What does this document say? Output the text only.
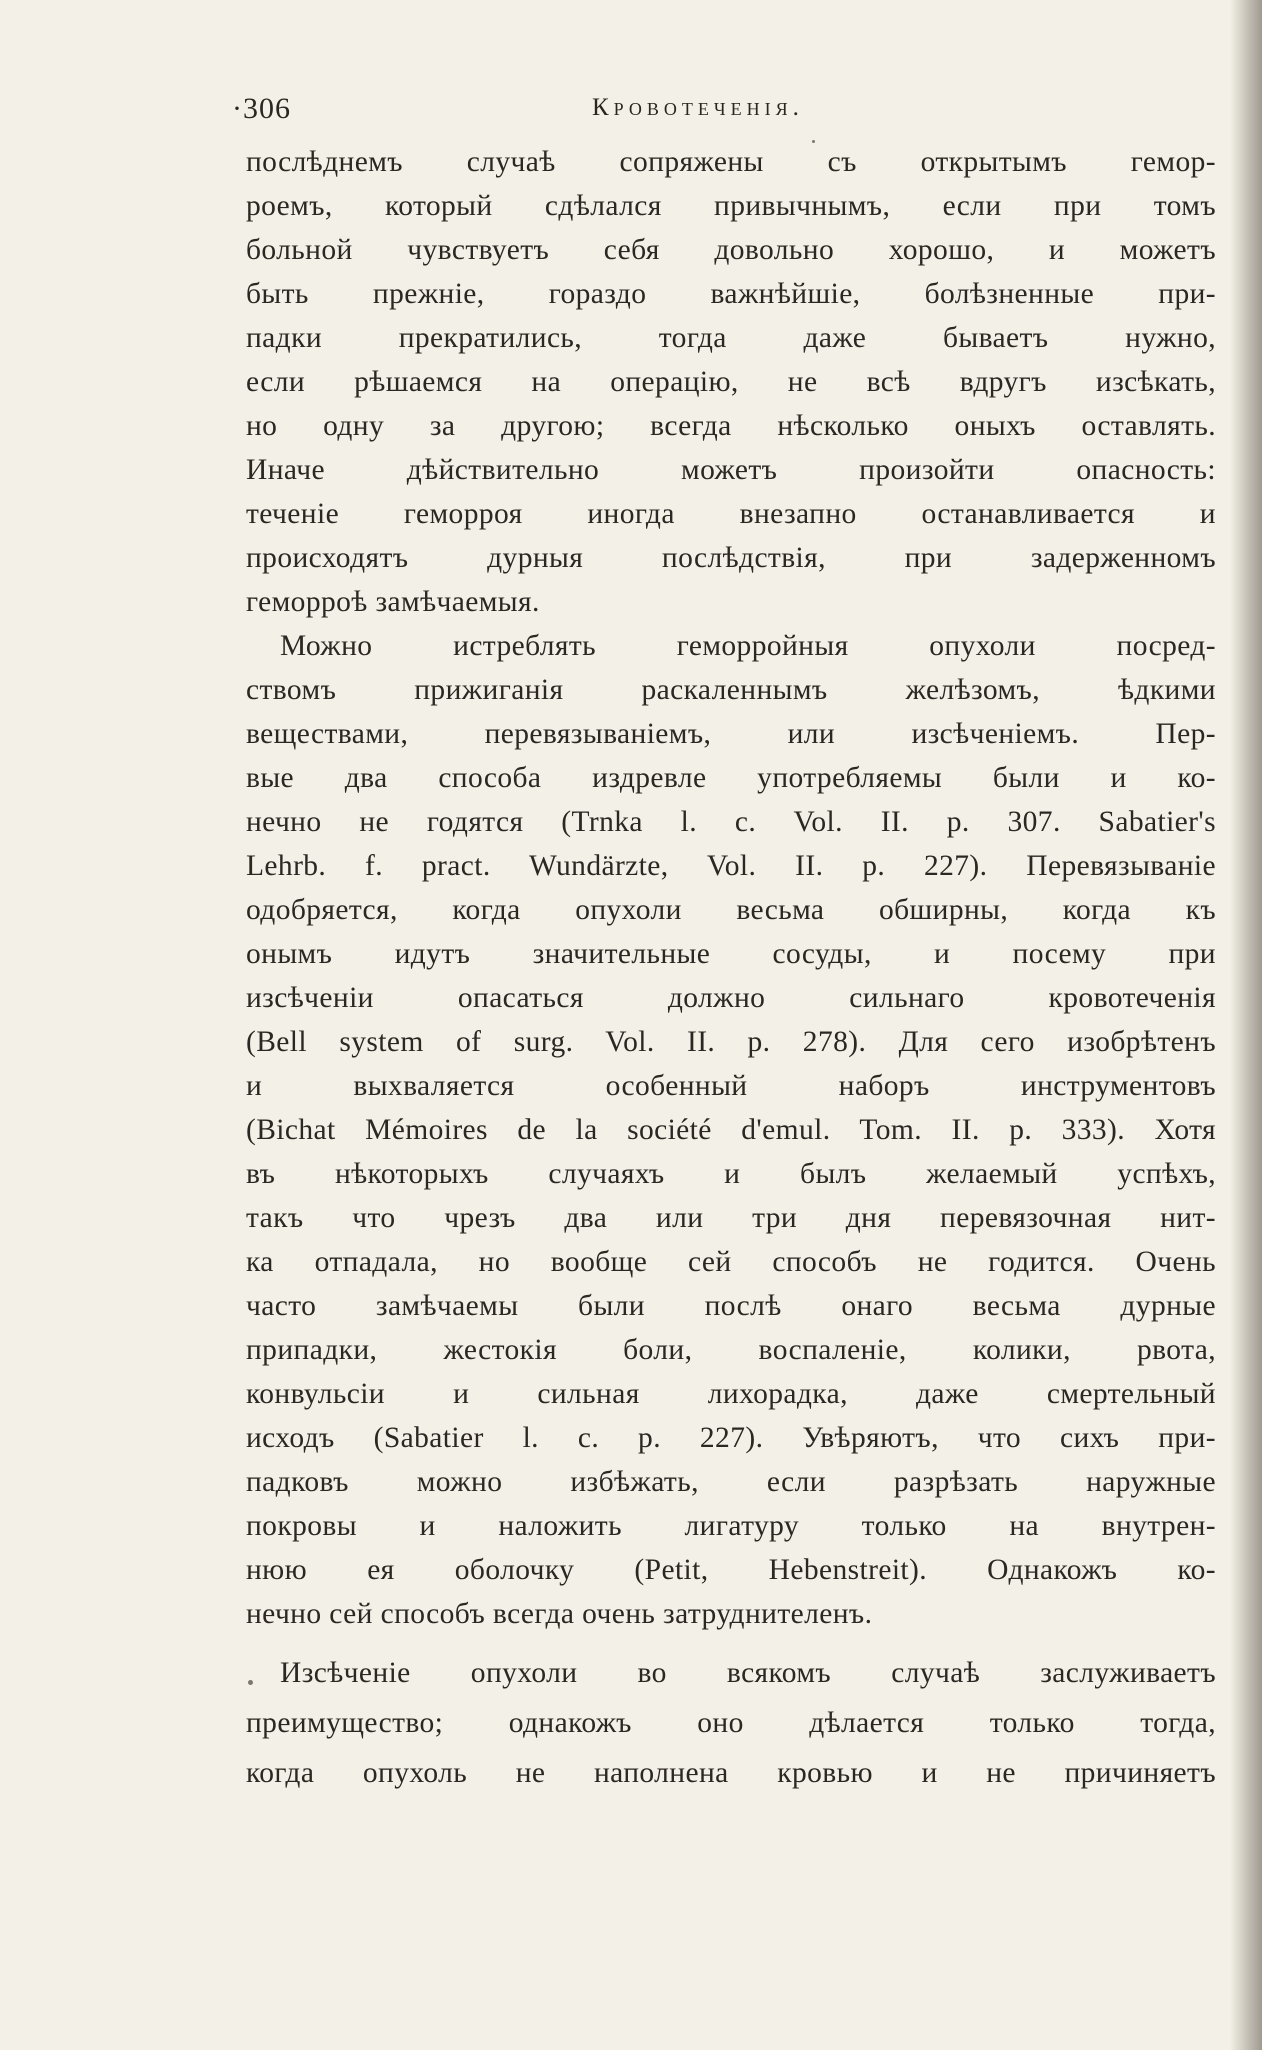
·306	Кровотеченія.
послѣднемъ случаѣ сопряжены съ открытымъ гемор-
роемъ, который сдѣлался привычнымъ, если при томъ
больной чувствуетъ себя довольно хорошо, и можетъ
быть прежніе, гораздо важнѣйшіе, болѣзненные при-
падки прекратились, тогда даже бываетъ нужно,
если рѣшаемся на операцію, не всѣ вдругъ изсѣкать,
но одну за другою; всегда нѣсколько оныхъ оставлять.
Иначе дѣйствительно можетъ произойти опасность:
теченіе геморроя иногда внезапно останавливается и
происходятъ дурныя послѣдствія, при задерженномъ
геморроѣ замѣчаемыя.
Можно истреблять геморройныя опухоли посред-
ствомъ прижиганія раскаленнымъ желѣзомъ, ѣдкими
веществами, перевязываніемъ, или изсѣченіемъ. Пер-
вые два способа издревле употребляемы были и ко-
нечно не годятся (Trnka l. c. Vol. II. p. 307. Sabatier's
Lehrb. f. pract. Wundärzte, Vol. II. p. 227). Перевязываніе
одобряется, когда опухоли весьма обширны, когда къ
онымъ идутъ значительные сосуды, и посему при
изсѣченіи опасаться должно сильнаго кровотеченія
(Bell system of surg. Vol. II. p. 278). Для сего изобрѣтенъ
и выхваляется особенный наборъ инструментовъ
(Bichat Mémoires de la société d'emul. Tom. II. p. 333). Хотя
въ нѣкоторыхъ случаяхъ и былъ желаемый успѣхъ,
такъ что чрезъ два или три дня перевязочная нит-
ка отпадала, но вообще сей способъ не годится. Очень
часто замѣчаемы были послѣ онаго весьма дурные
припадки, жестокія боли, воспаленіе, колики, рвота,
конвульсіи и сильная лихорадка, даже смертельный
исходъ (Sabatier l. c. p. 227). Увѣряютъ, что сихъ при-
падковъ можно избѣжать, если разрѣзать наружные
покровы и наложить лигатуру только на внутрен-
нюю ея оболочку (Petit, Hebenstreit). Однакожъ ко-
нечно сей способъ всегда очень затруднителенъ.
Изсѣченіе опухоли во всякомъ случаѣ заслуживаетъ
преимущество; однакожъ оно дѣлается только тогда,
когда опухоль не наполнена кровью и не причиняетъ
